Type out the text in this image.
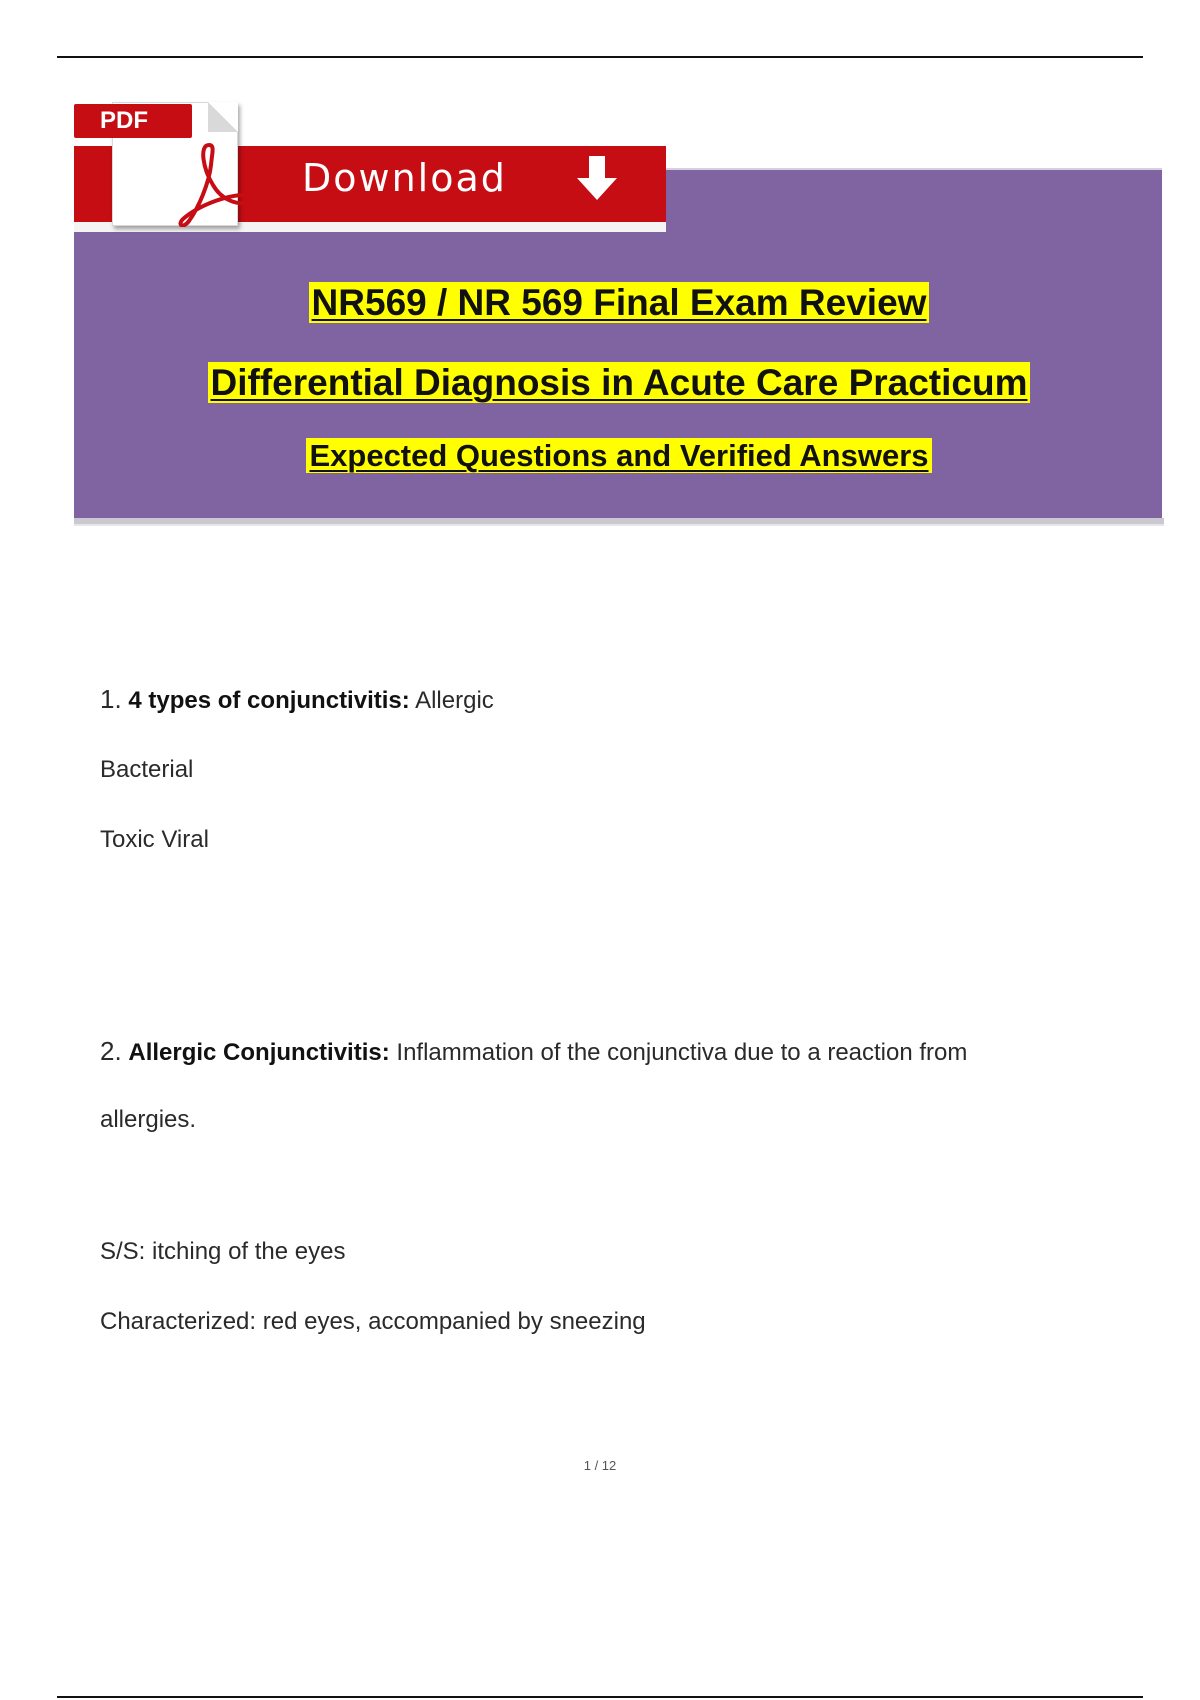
Download
PDF
NR569 / NR 569 Final Exam Review
Differential Diagnosis in Acute Care Practicum
Expected Questions and Verified Answers
1. 4 types of conjunctivitis: Allergic
Bacterial
Toxic Viral
2. Allergic Conjunctivitis: Inflammation of the conjunctiva due to a reaction from
allergies.
S/S: itching of the eyes
Characterized: red eyes, accompanied by sneezing
1 / 12
